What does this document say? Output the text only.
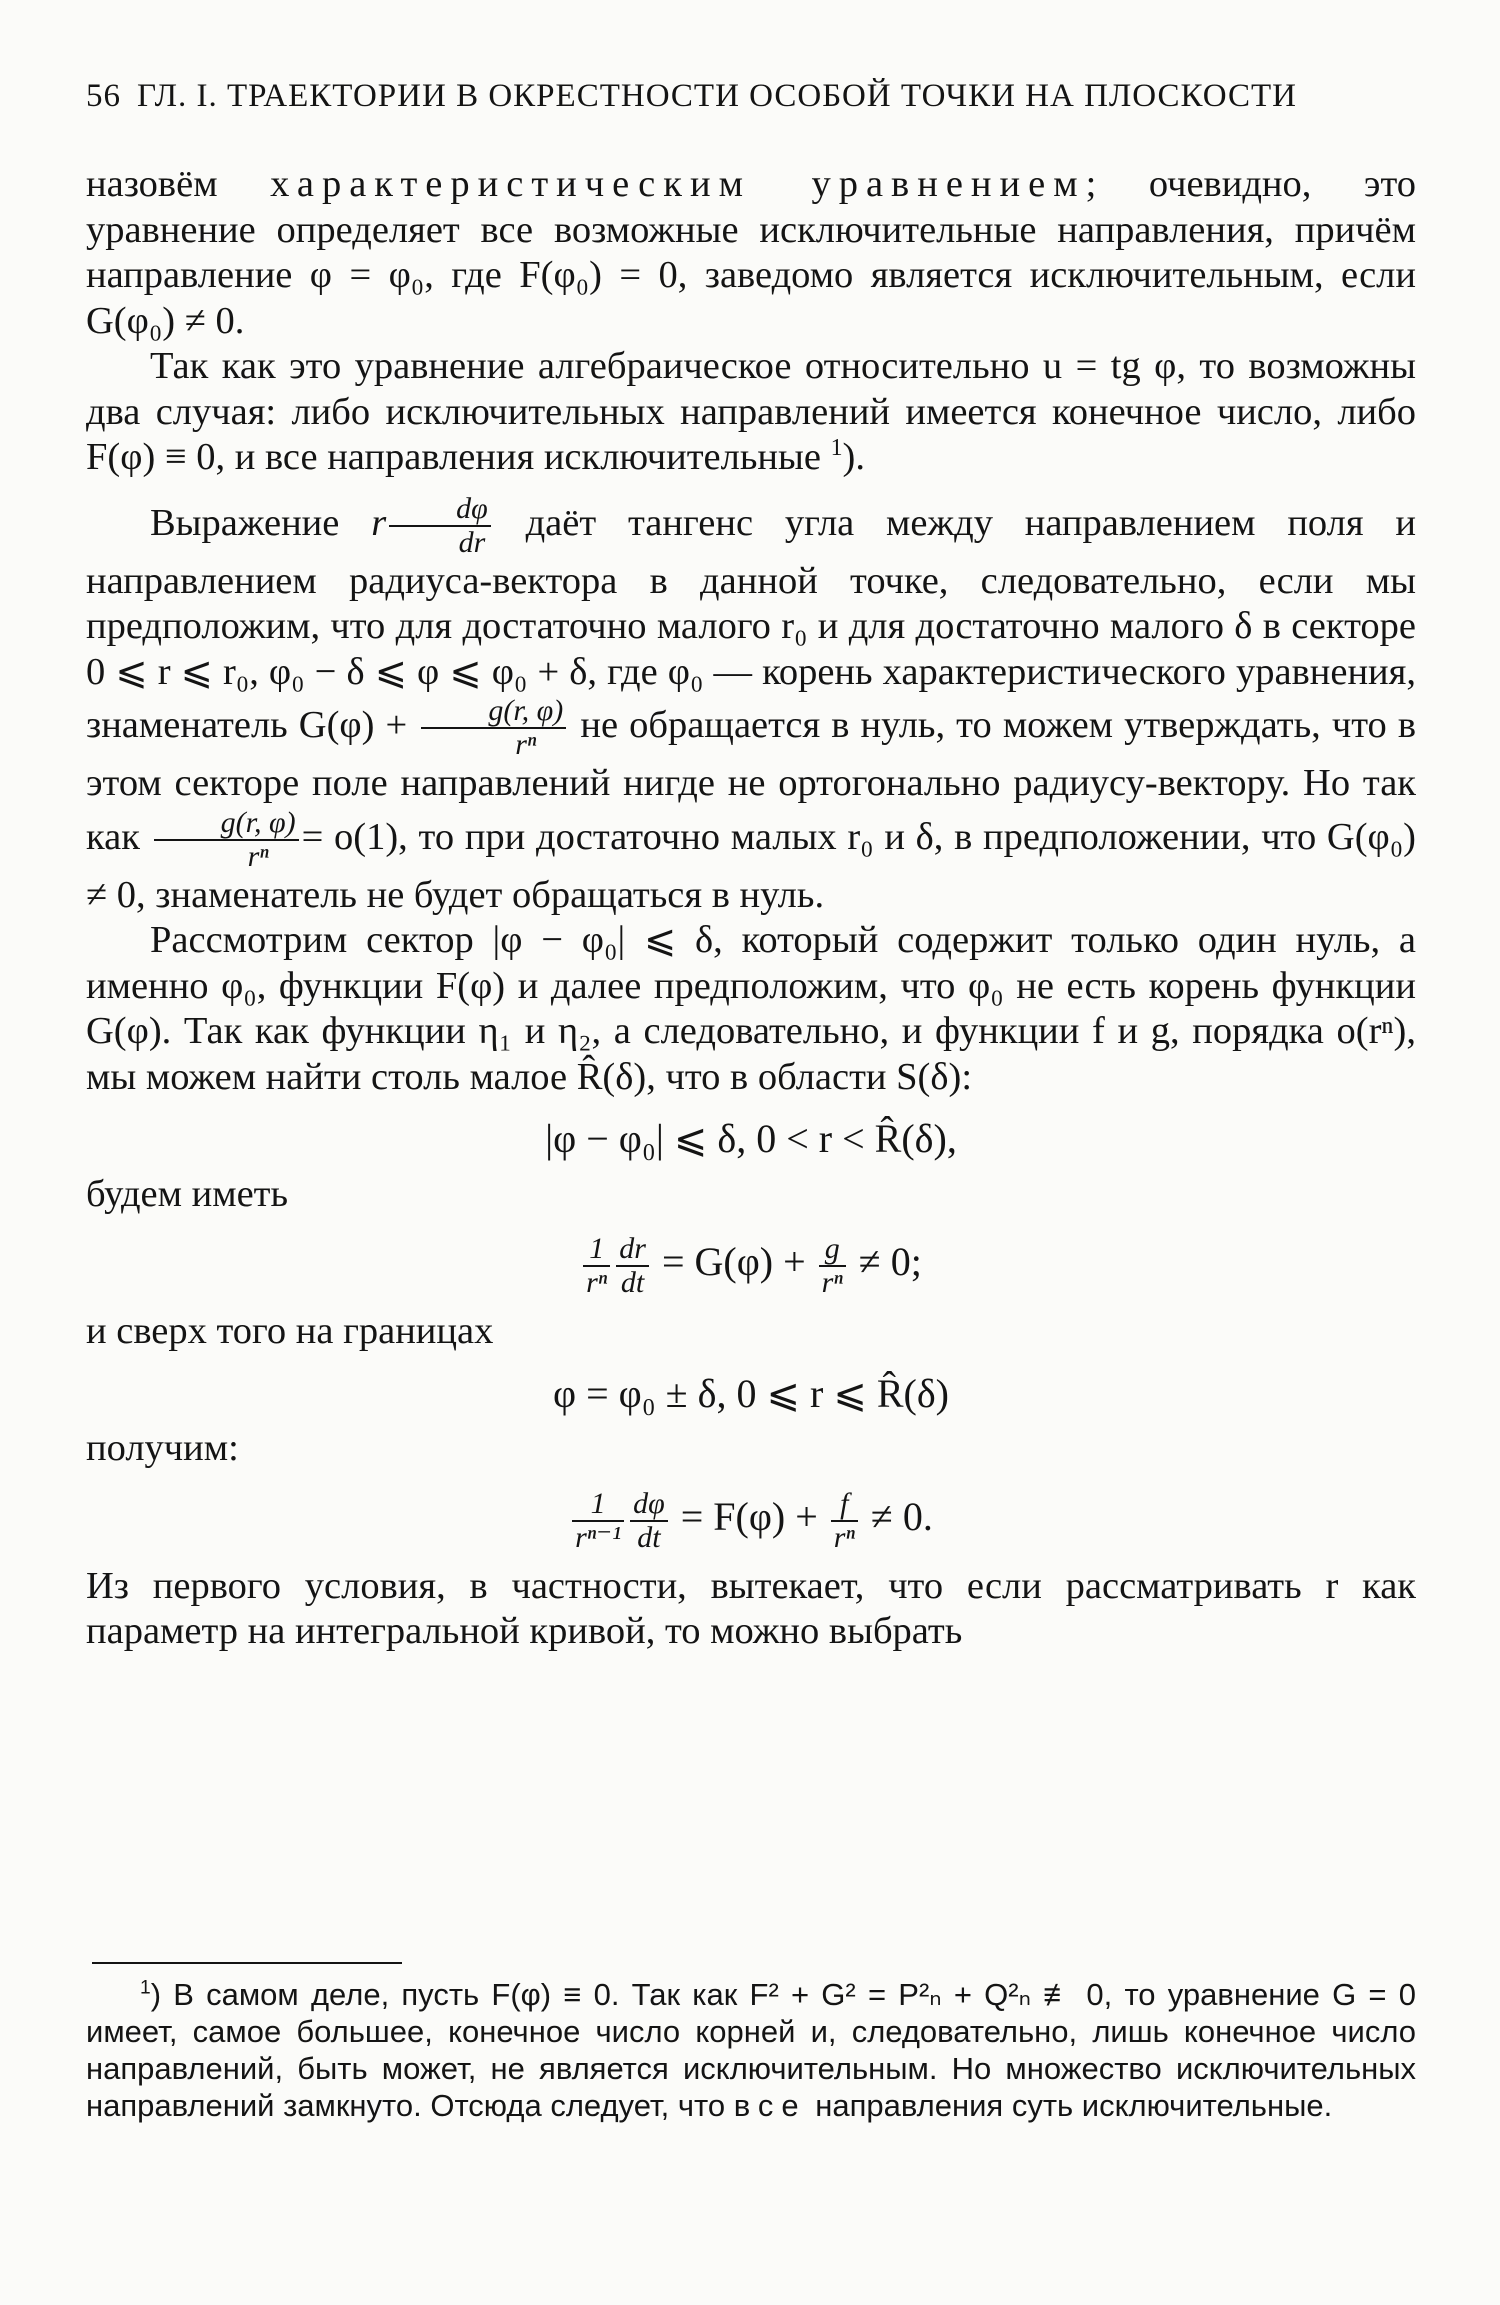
56 ГЛ. I. ТРАЕКТОРИИ В ОКРЕСТНОСТИ ОСОБОЙ ТОЧКИ НА ПЛОСКОСТИ

назовём характеристическим уравнением; очевидно, это уравнение определяет все возможные исключительные направления, причём направление φ = φ₀, где F(φ₀) = 0, заведомо является исключительным, если G(φ₀) ≠ 0.

Так как это уравнение алгебраическое относительно u = tg φ, то возможны два случая: либо исключительных направлений имеется конечное число, либо F(φ) ≡ 0, и все направления исключительные $^1$).

Выражение r $\frac{d\varphi}{dr}$ даёт тангенс угла между направлением поля и направлением радиуса-вектора в данной точке, следовательно, если мы предположим, что для достаточно малого r₀ и для достаточно малого δ в секторе 0 ⩽ r ⩽ r₀, φ₀ − δ ⩽ φ ⩽ φ₀ + δ, где φ₀ — корень характеристического уравнения, знаменатель $G(\varphi) + \frac{g(r, \varphi)}{\text{rⁿ}}$ не обращается в нуль, то можем утверждать, что в этом секторе поле направлений нигде не ортогонально радиусу-вектору. Но так как $\frac{g(r, \varphi)}{\text{rⁿ}} = o(1)$, то при достаточно малых r₀ и δ, в предположении, что G(φ₀) ≠ 0, знаменатель не будет обращаться в нуль.

Рассмотрим сектор |φ − φ₀| ⩽ δ, который содержит только один нуль, а именно φ₀, функции F(φ) и далее предположим, что φ₀ не есть корень функции G(φ). Так как функции η₁ и η₂, а следовательно, и функции f и g, порядка o(rⁿ), мы можем найти столь малое R̂(δ), что в области S(δ):

|φ − φ₀| ⩽ δ, 0 < r < R̂(δ),
будем иметь
$\frac{1}{\text{rⁿ}} \frac{dr}{dt} = G(\varphi) + \frac{g}{\text{rⁿ}} \ne 0$;
и сверх того на границах
φ = φ₀ ± δ, 0 ⩽ r ⩽ R̂(δ)
получим:
$\frac{1}{\text{rⁿ⁻¹}} \frac{d\varphi}{dt} = F(\varphi) + \frac{f}{\text{rⁿ}} \ne 0$.

Из первого условия, в частности, вытекает, что если рассматривать r как параметр на интегральной кривой, то можно выбрать

$^1$) В самом деле, пусть F(φ) ≡ 0. Так как F² + G² = P²ₙ + Q²ₙ ≢ 0, то уравнение G = 0 имеет, самое большее, конечное число корней и, следовательно, лишь конечное число направлений, быть может, не является исключительным. Но множество исключительных направлений замкнуто. Отсюда следует, что все направления суть исключительные.
